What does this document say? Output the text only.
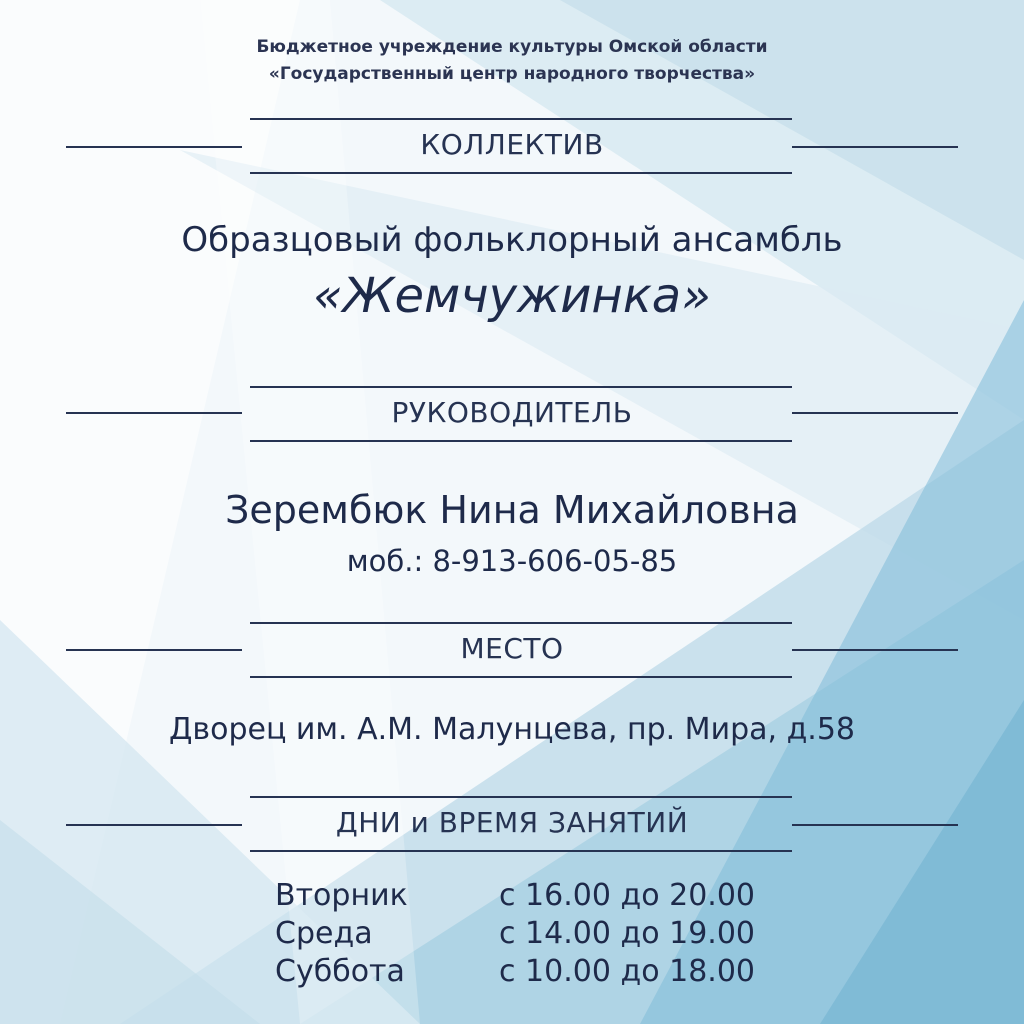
Бюджетное учреждение культуры Омской области
«Государственный центр народного творчества»
КОЛЛЕКТИВ
Образцовый фольклорный ансамбль
«Жемчужинка»
РУКОВОДИТЕЛЬ
Зерембюк Нина Михайловна
моб.: 8-913-606-05-85
МЕСТО
Дворец им. А.М. Малунцева, пр. Мира, д.58
ДНИ и ВРЕМЯ ЗАНЯТИЙ
Вторник	с 16.00 до 20.00
Среда	с 14.00 до 19.00
Суббота	с 10.00 до 18.00
